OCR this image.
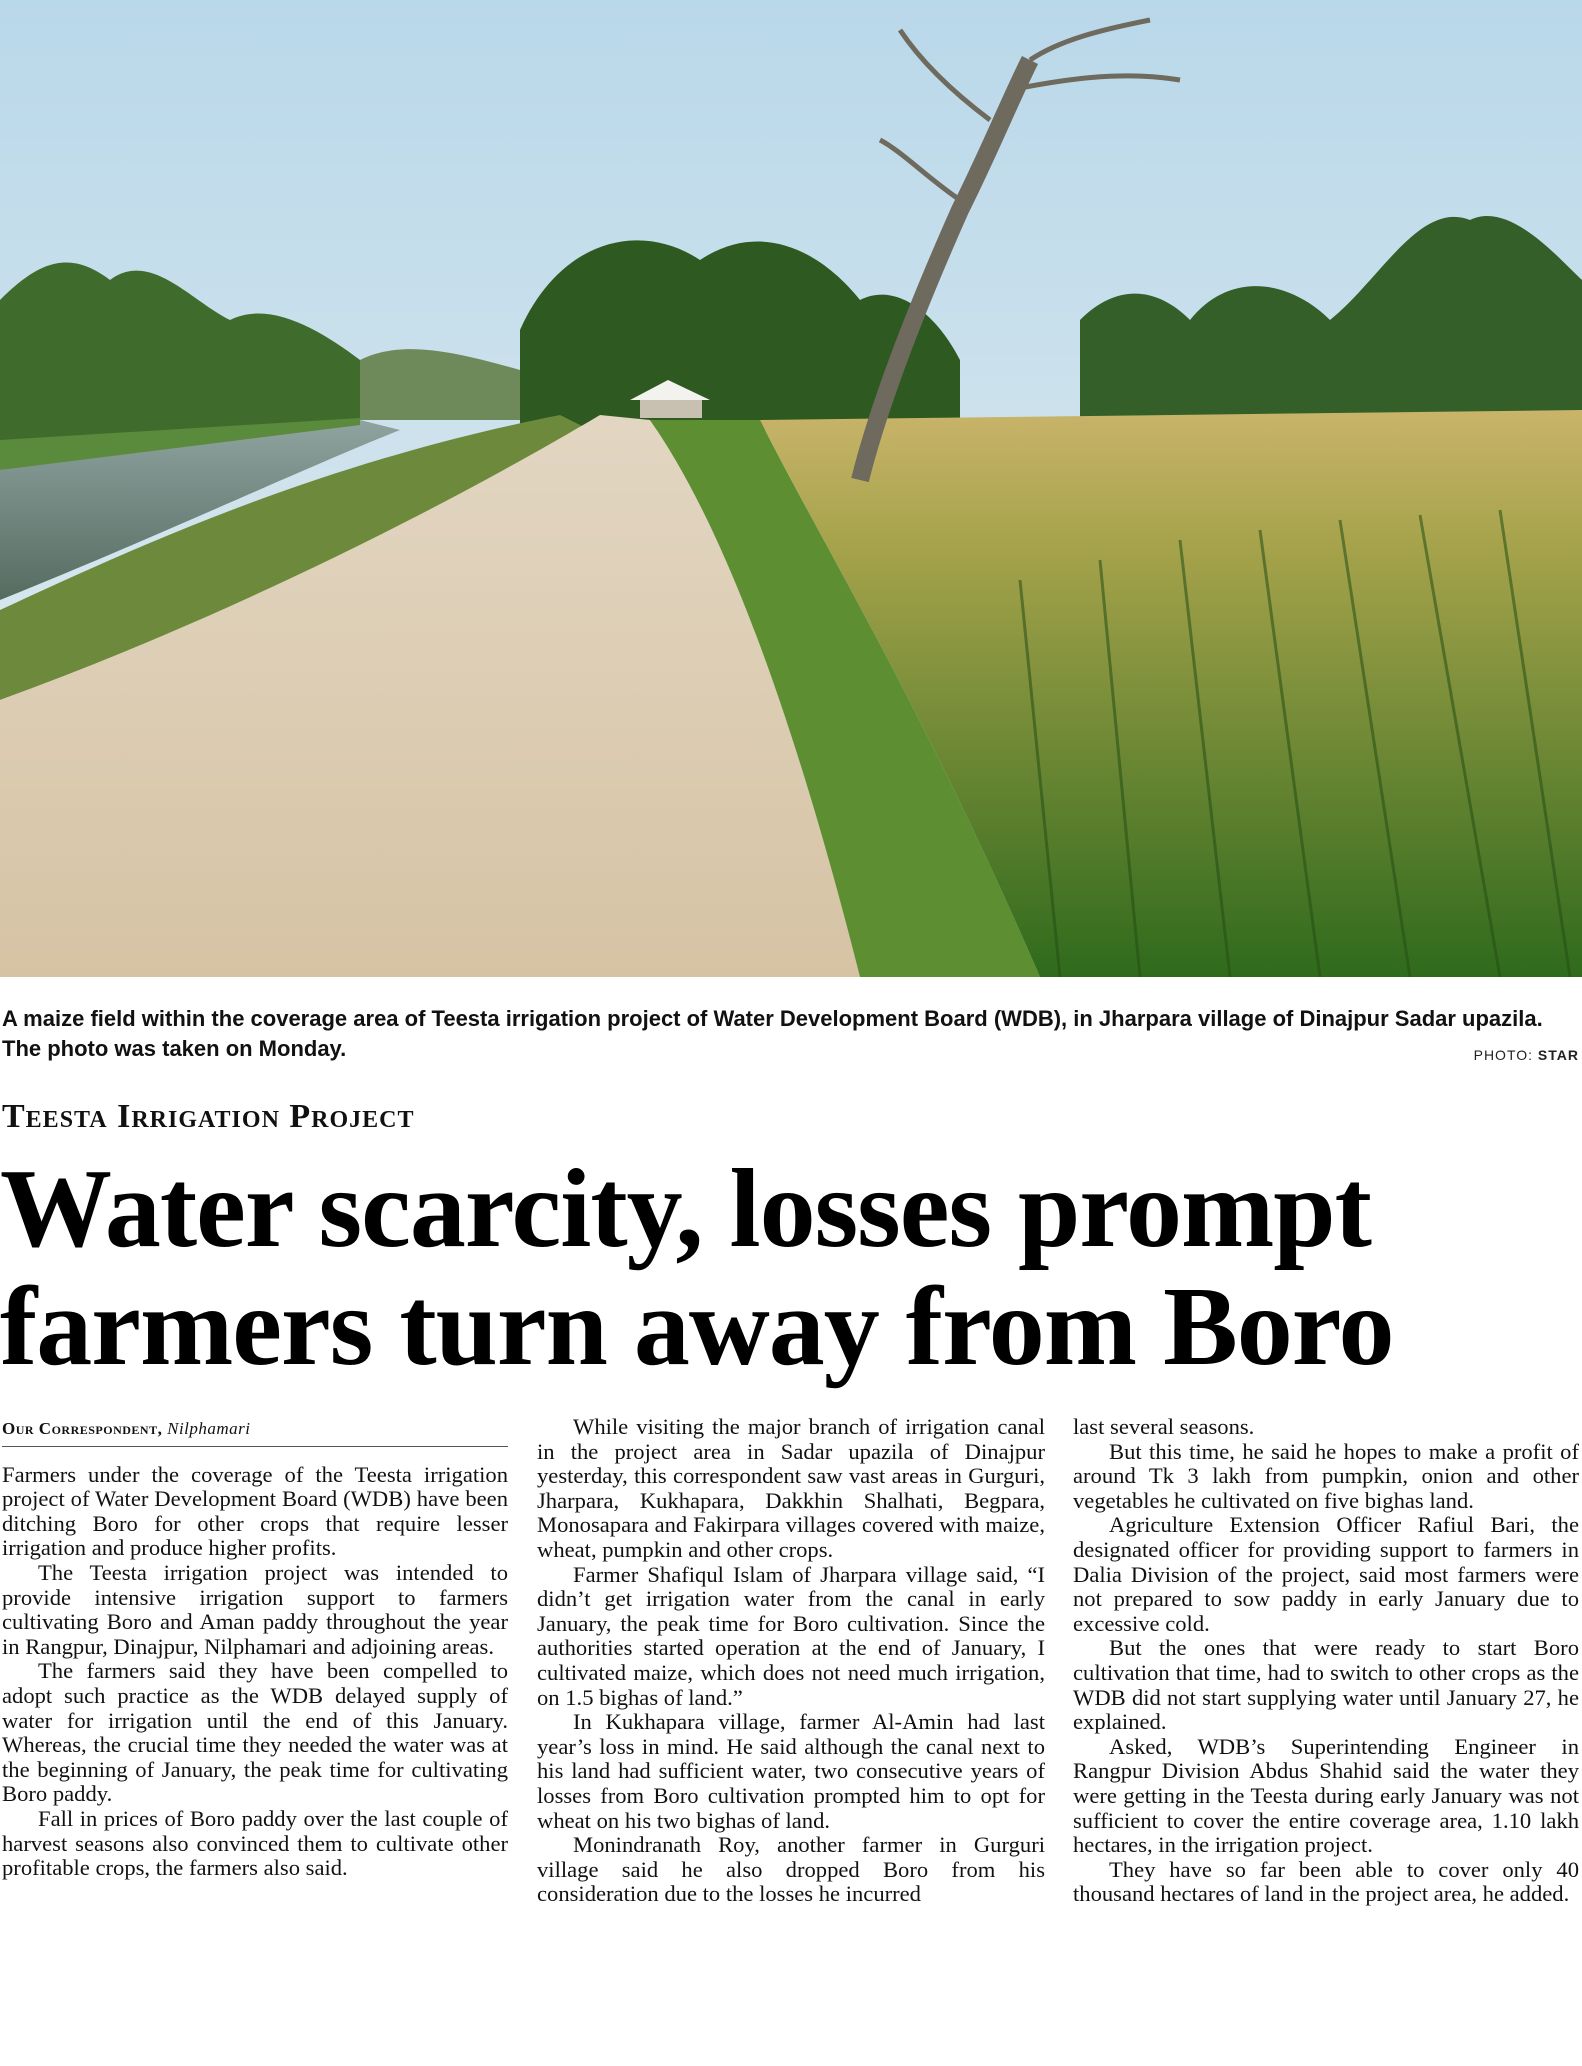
A maize field within the coverage area of Teesta irrigation project of Water Development Board (WDB), in Jharpara village of Dinajpur Sadar upazila. The photo was taken on Monday.	PHOTO: STAR
Teesta Irrigation Project
Water scarcity, losses prompt farmers turn away from Boro
Our Correspondent, Nilphamari

Farmers under the coverage of the Teesta irrigation project of Water Development Board (WDB) have been ditching Boro for other crops that require lesser irrigation and produce higher profits.

The Teesta irrigation project was intended to provide intensive irrigation support to farmers cultivating Boro and Aman paddy throughout the year in Rangpur, Dinajpur, Nilphamari and adjoining areas.

The farmers said they have been compelled to adopt such practice as the WDB delayed supply of water for irrigation until the end of this January. Whereas, the crucial time they needed the water was at the beginning of January, the peak time for cultivating Boro paddy.

Fall in prices of Boro paddy over the last couple of harvest seasons also convinced them to cultivate other profitable crops, the farmers also said.

While visiting the major branch of irrigation canal in the project area in Sadar upazila of Dinajpur yesterday, this correspondent saw vast areas in Gurguri, Jharpara, Kukhapara, Dakkhin Shalhati, Begpara, Monosapara and Fakirpara villages covered with maize, wheat, pumpkin and other crops.

Farmer Shafiqul Islam of Jharpara village said, “I didn’t get irrigation water from the canal in early January, the peak time for Boro cultivation. Since the authorities started operation at the end of January, I cultivated maize, which does not need much irrigation, on 1.5 bighas of land.”

In Kukhapara village, farmer Al-Amin had last year’s loss in mind. He said although the canal next to his land had sufficient water, two consecutive years of losses from Boro cultivation prompted him to opt for wheat on his two bighas of land.

Monindranath Roy, another farmer in Gurguri village said he also dropped Boro from his consideration due to the losses he incurred

last several seasons.

But this time, he said he hopes to make a profit of around Tk 3 lakh from pumpkin, onion and other vegetables he cultivated on five bighas land.

Agriculture Extension Officer Rafiul Bari, the designated officer for providing support to farmers in Dalia Division of the project, said most farmers were not prepared to sow paddy in early January due to excessive cold.

But the ones that were ready to start Boro cultivation that time, had to switch to other crops as the WDB did not start supplying water until January 27, he explained.

Asked, WDB’s Superintending Engineer in Rangpur Division Abdus Shahid said the water they were getting in the Teesta during early January was not sufficient to cover the entire coverage area, 1.10 lakh hectares, in the irrigation project.

They have so far been able to cover only 40 thousand hectares of land in the project area, he added.
